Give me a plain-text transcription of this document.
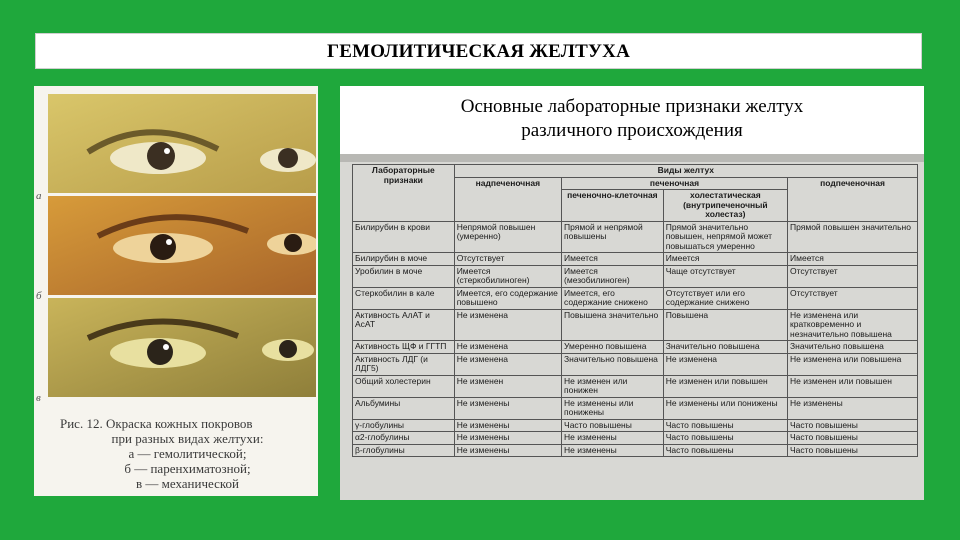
ГЕМОЛИТИЧЕСКАЯ ЖЕЛТУХА
а
б
в
Рис. 12. Окраска кожных покровов
при разных видах желтухи:
а — гемолитической;
б — паренхиматозной;
в — механической
Основные лабораторные признаки желтух
различного происхождения
Лабораторные признаки	Виды желтух			
	надпеченочная	печеночная		подпеченочная
		печеночно-клеточная	холестатическая (внутрипеченочный холестаз)	
Билирубин в крови	Непрямой повышен (умеренно)	Прямой и непрямой повышены	Прямой значительно повышен, непрямой может повышаться умеренно	Прямой повышен значительно
Билирубин в моче	Отсутствует	Имеется	Имеется	Имеется
Уробилин в моче	Имеется (стеркобилиноген)	Имеется (мезобилиноген)	Чаще отсутствует	Отсутствует
Стеркобилин в кале	Имеется, его содержание повышено	Имеется, его содержание снижено	Отсутствует или его содержание снижено	Отсутствует
Активность АлАТ и АсАТ	Не изменена	Повышена значительно	Повышена	Не изменена или кратковременно и незначительно повышена
Активность ЩФ и ГГТП	Не изменена	Умеренно повышена	Значительно повышена	Значительно повышена
Активность ЛДГ (и ЛДГ5)	Не изменена	Значительно повышена	Не изменена	Не изменена или повышена
Общий холестерин	Не изменен	Не изменен или понижен	Не изменен или повышен	Не изменен или повышен
Альбумины	Не изменены	Не изменены или понижены	Не изменены или понижены	Не изменены
γ-глобулины	Не изменены	Часто повышены	Часто повышены	Часто повышены
α2-глобулины	Не изменены	Не изменены	Часто повышены	Часто повышены
β-глобулины	Не изменены	Не изменены	Часто повышены	Часто повышены
